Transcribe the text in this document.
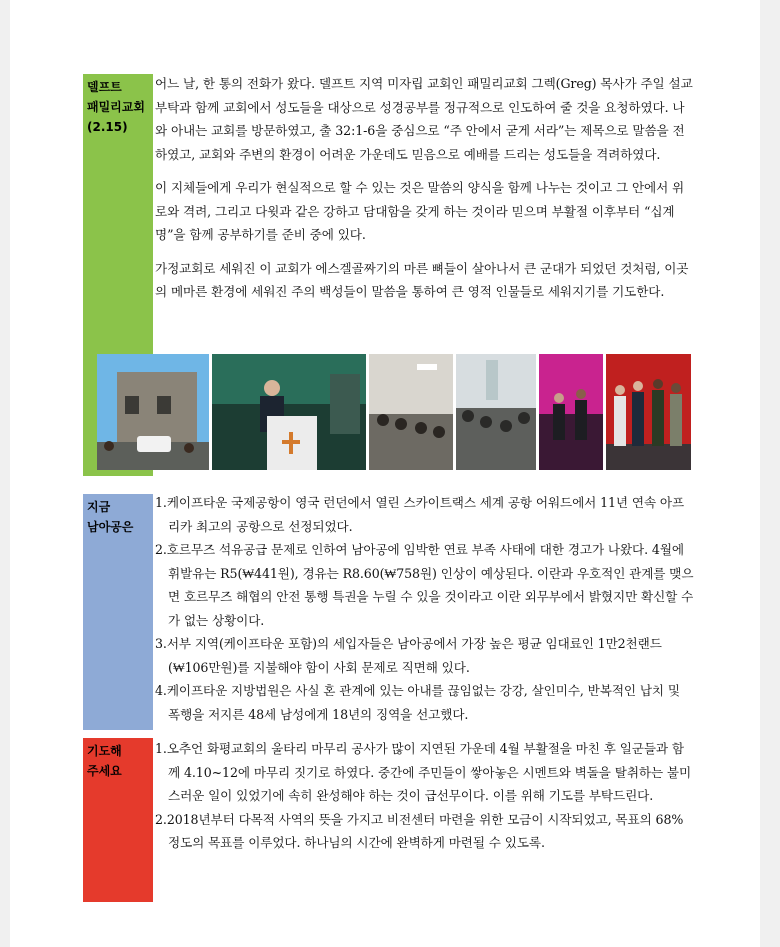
델프트
패밀리교회
(2.15)

어느 날, 한 통의 전화가 왔다. 델프트 지역 미자립 교회인 패밀리교회 그렉(Greg) 목사가 주일 설교 부탁과 함께 교회에서 성도들을 대상으로 성경공부를 정규적으로 인도하여 줄 것을 요청하였다. 나와 아내는 교회를 방문하였고, 출 32:1-6을 중심으로 “주 안에서 굳게 서라”는 제목으로 말씀을 전하였고, 교회와 주변의 환경이 어려운 가운데도 믿음으로 예배를 드리는 성도들을 격려하였다.

이 지체들에게 우리가 현실적으로 할 수 있는 것은 말씀의 양식을 함께 나누는 것이고 그 안에서 위로와 격려, 그리고 다윗과 같은 강하고 담대함을 갖게 하는 것이라 믿으며 부활절 이후부터 “십계명”을 함께 공부하기를 준비 중에 있다.

가정교회로 세워진 이 교회가 에스겔골짜기의 마른 뼈들이 살아나서 큰 군대가 되었던 것처럼, 이곳의 메마른 환경에 세워진 주의 백성들이 말씀을 통하여 큰 영적 인물들로 세워지기를 기도한다.

지금
남아공은
1.케이프타운 국제공항이 영국 런던에서 열린 스카이트랙스 세계 공항 어워드에서 11년 연속 아프리카 최고의 공항으로 선정되었다.
2.호르무즈 석유공급 문제로 인하여 남아공에 임박한 연료 부족 사태에 대한 경고가 나왔다. 4월에 휘발유는 R5(₩441원), 경유는 R8.60(₩758원) 인상이 예상된다. 이란과 우호적인 관계를 맺으면 호르무즈 해협의 안전 통행 특권을 누릴 수 있을 것이라고 이란 외무부에서 밝혔지만 확신할 수가 없는 상황이다.
3.서부 지역(케이프타운 포함)의 세입자들은 남아공에서 가장 높은 평균 임대료인 1만2천랜드(₩106만원)를 지불해야 함이 사회 문제로 직면해 있다.
4.케이프타운 지방법원은 사실 혼 관계에 있는 아내를 끊임없는 강강, 살인미수, 반복적인 납치 및 폭행을 저지른 48세 남성에게 18년의 징역을 선고했다.
기도해
주세요
1.오추언 화평교회의 울타리 마무리 공사가 많이 지연된 가운데 4월 부활절을 마친 후 일군들과 함께 4.10~12에 마무리 짓기로 하였다. 중간에 주민들이 쌓아놓은 시멘트와 벽돌을 탈취하는 불미스러운 일이 있었기에 속히 완성해야 하는 것이 급선무이다. 이를 위해 기도를 부탁드린다.
2.2018년부터 다목적 사역의 뜻을 가지고 비전센터 마련을 위한 모금이 시작되었고, 목표의 68% 정도의 목표를 이루었다. 하나님의 시간에 완벽하게 마련될 수 있도록.
